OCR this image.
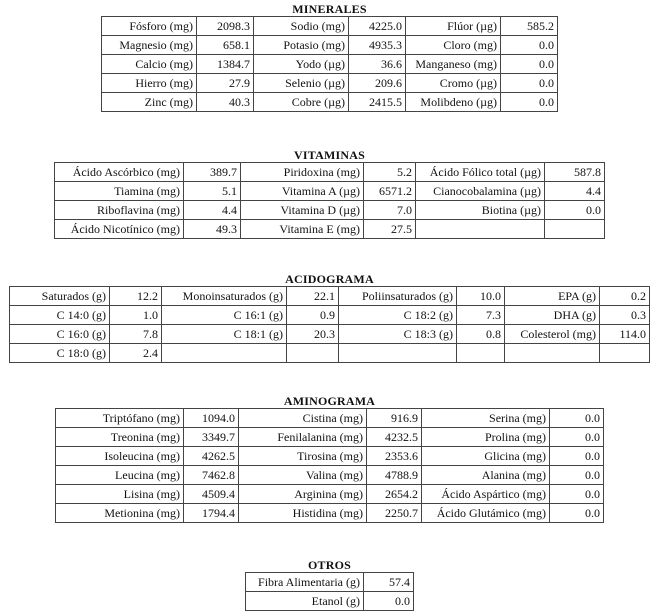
MINERALES
Fósforo (mg)	2098.3	Sodio (mg)	4225.0	Flúor (µg)	585.2
Magnesio (mg)	658.1	Potasio (mg)	4935.3	Cloro (mg)	0.0
Calcio (mg)	1384.7	Yodo (µg)	36.6	Manganeso (mg)	0.0
Hierro (mg)	27.9	Selenio (µg)	209.6	Cromo (µg)	0.0
Zinc (mg)	40.3	Cobre (µg)	2415.5	Molibdeno (µg)	0.0
VITAMINAS
Ácido Ascórbico (mg)	389.7	Piridoxina (mg)	5.2	Ácido Fólico total (µg)	587.8
Tiamina (mg)	5.1	Vitamina A (µg)	6571.2	Cianocobalamina (µg)	4.4
Riboflavina (mg)	4.4	Vitamina D (µg)	7.0	Biotina (µg)	0.0
Ácido Nicotínico (mg)	49.3	Vitamina E (mg)	27.5		
ACIDOGRAMA
Saturados (g)	12.2	Monoinsaturados (g)	22.1	Poliinsaturados (g)	10.0	EPA (g)	0.2
C 14:0 (g)	1.0	C 16:1 (g)	0.9	C 18:2 (g)	7.3	DHA (g)	0.3
C 16:0 (g)	7.8	C 18:1 (g)	20.3	C 18:3 (g)	0.8	Colesterol (mg)	114.0
C 18:0 (g)	2.4						
AMINOGRAMA
Triptófano (mg)	1094.0	Cistina (mg)	916.9	Serina (mg)	0.0
Treonina (mg)	3349.7	Fenilalanina (mg)	4232.5	Prolina (mg)	0.0
Isoleucina (mg)	4262.5	Tirosina (mg)	2353.6	Glicina (mg)	0.0
Leucina (mg)	7462.8	Valina (mg)	4788.9	Alanina (mg)	0.0
Lisina (mg)	4509.4	Arginina (mg)	2654.2	Ácido Aspártico (mg)	0.0
Metionina (mg)	1794.4	Histidina (mg)	2250.7	Ácido Glutámico (mg)	0.0
OTROS
Fibra Alimentaria (g)	57.4
Etanol (g)	0.0
